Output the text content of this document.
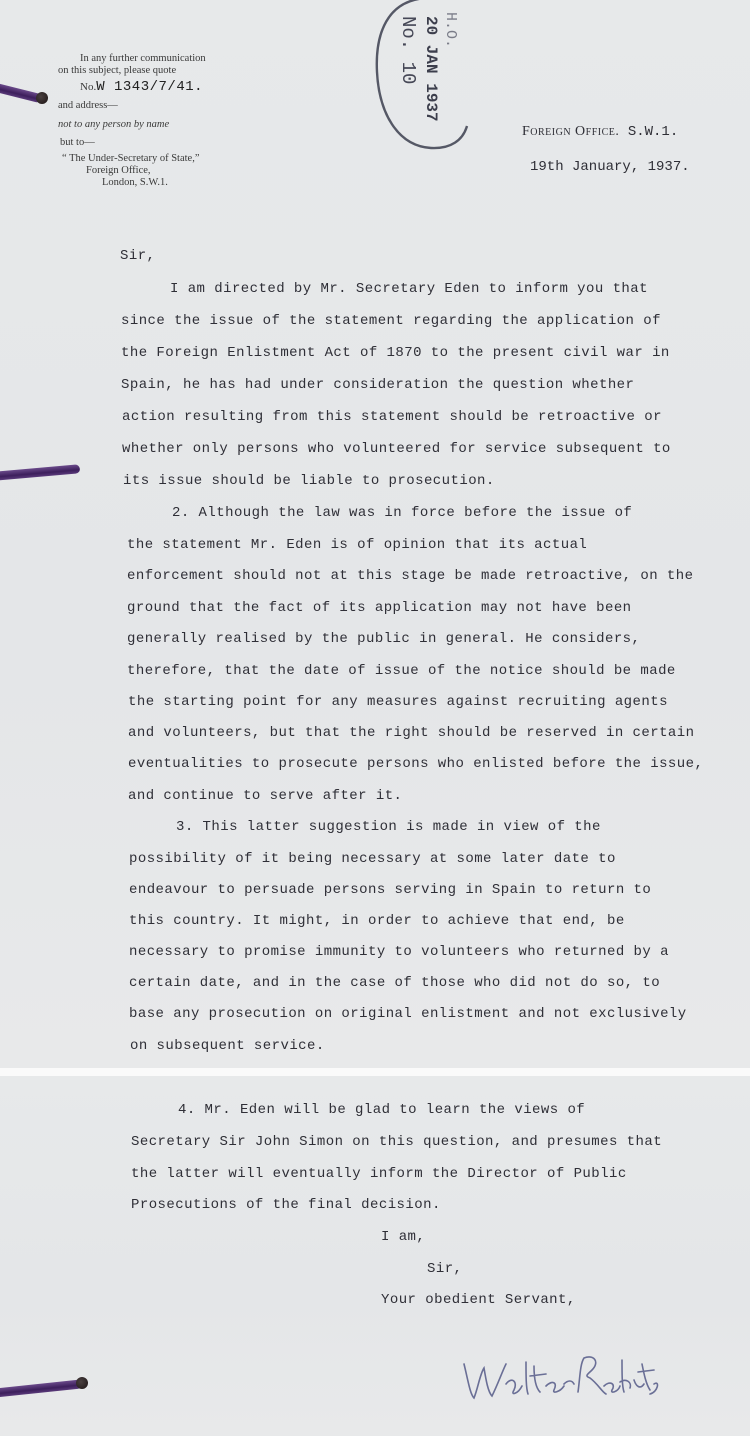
In any further communication
on this subject, please quote
No.W 1343/7/41.
and address—
not to any person by name
but to—
“ The Under-Secretary of State,”
Foreign Office,
London, S.W.1.
H.O.
20 JAN 1937
No. 10
Foreign Office. S.W.1.
19th January, 1937.
Sir,
I am directed by Mr. Secretary Eden to inform you that
since the issue of the statement regarding the application of
the Foreign Enlistment Act of 1870 to the present civil war in
Spain, he has had under consideration the question whether
action resulting from this statement should be retroactive or
whether only persons who volunteered for service subsequent to
its issue should be liable to prosecution.
2. Although the law was in force before the issue of
the statement Mr. Eden is of opinion that its actual
enforcement should not at this stage be made retroactive, on the
ground that the fact of its application may not have been
generally realised by the public in general. He considers,
therefore, that the date of issue of the notice should be made
the starting point for any measures against recruiting agents
and volunteers, but that the right should be reserved in certain
eventualities to prosecute persons who enlisted before the issue,
and continue to serve after it.
3. This latter suggestion is made in view of the
possibility of it being necessary at some later date to
endeavour to persuade persons serving in Spain to return to
this country. It might, in order to achieve that end, be
necessary to promise immunity to volunteers who returned by a
certain date, and in the case of those who did not do so, to
base any prosecution on original enlistment and not exclusively
on subsequent service.
4. Mr. Eden will be glad to learn the views of
Secretary Sir John Simon on this question, and presumes that
the latter will eventually inform the Director of Public
Prosecutions of the final decision.
I am,
Sir,
Your obedient Servant,
